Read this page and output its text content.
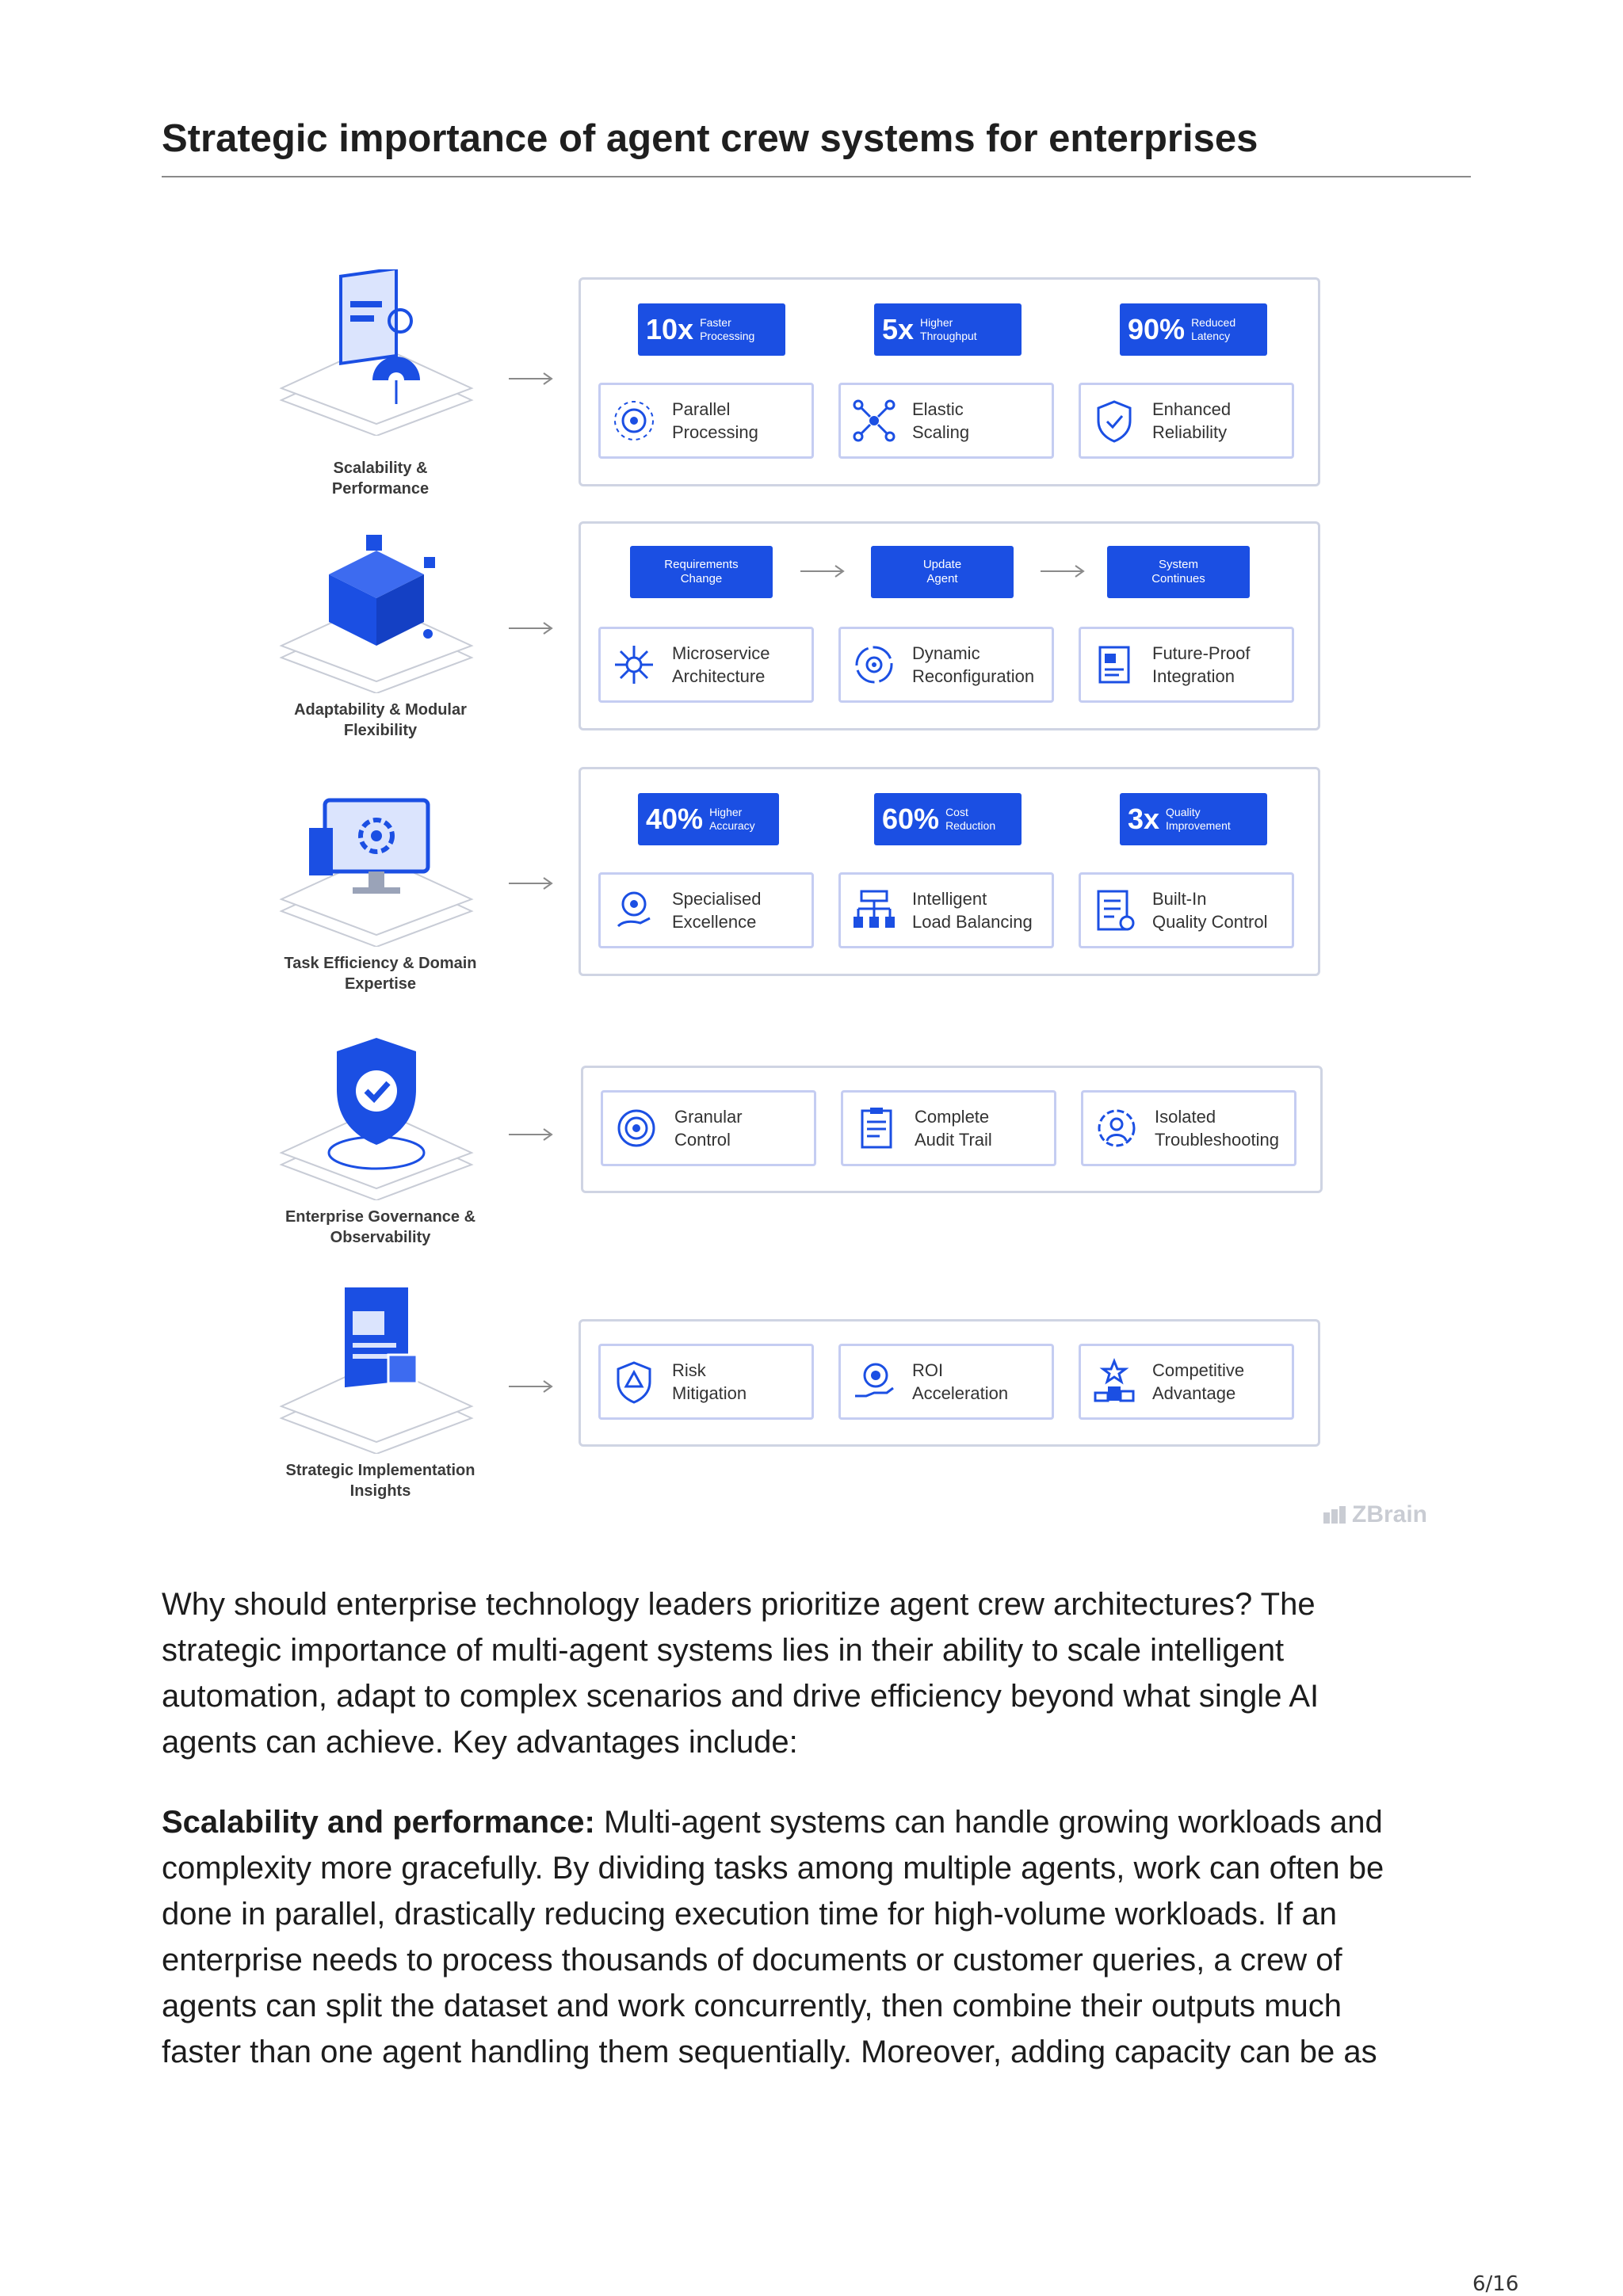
Strategic importance of agent crew systems for enterprises
Scalability &
Performance
10x Faster
Processing	5x Higher
Throughput	90% Reduced
Latency
Parallel
Processing
Elastic
Scaling
Enhanced
Reliability
Adaptability & Modular
Flexibility
Requirements
Change
Update
Agent
System
Continues
Microservice
Architecture
Dynamic
Reconfiguration
Future-Proof
Integration
Task Efficiency & Domain
Expertise
40% Higher
Accuracy	60% Cost
Reduction	3x Quality
Improvement
Specialised
Excellence
Intelligent
Load Balancing
Built-In
Quality Control
Enterprise Governance &
Observability
Granular
Control
Complete
Audit Trail
Isolated
Troubleshooting
Strategic Implementation
Insights
Risk
Mitigation
ROI
Acceleration
Competitive
Advantage
ZBrain
Why should enterprise technology leaders prioritize agent crew architectures? The
strategic importance of multi-agent systems lies in their ability to scale intelligent
automation, adapt to complex scenarios and drive efficiency beyond what single AI
agents can achieve. Key advantages include:
Scalability and performance: Multi-agent systems can handle growing workloads and
complexity more gracefully. By dividing tasks among multiple agents, work can often be
done in parallel, drastically reducing execution time for high-volume workloads. If an
enterprise needs to process thousands of documents or customer queries, a crew of
agents can split the dataset and work concurrently, then combine their outputs much
faster than one agent handling them sequentially. Moreover, adding capacity can be as
6/16
